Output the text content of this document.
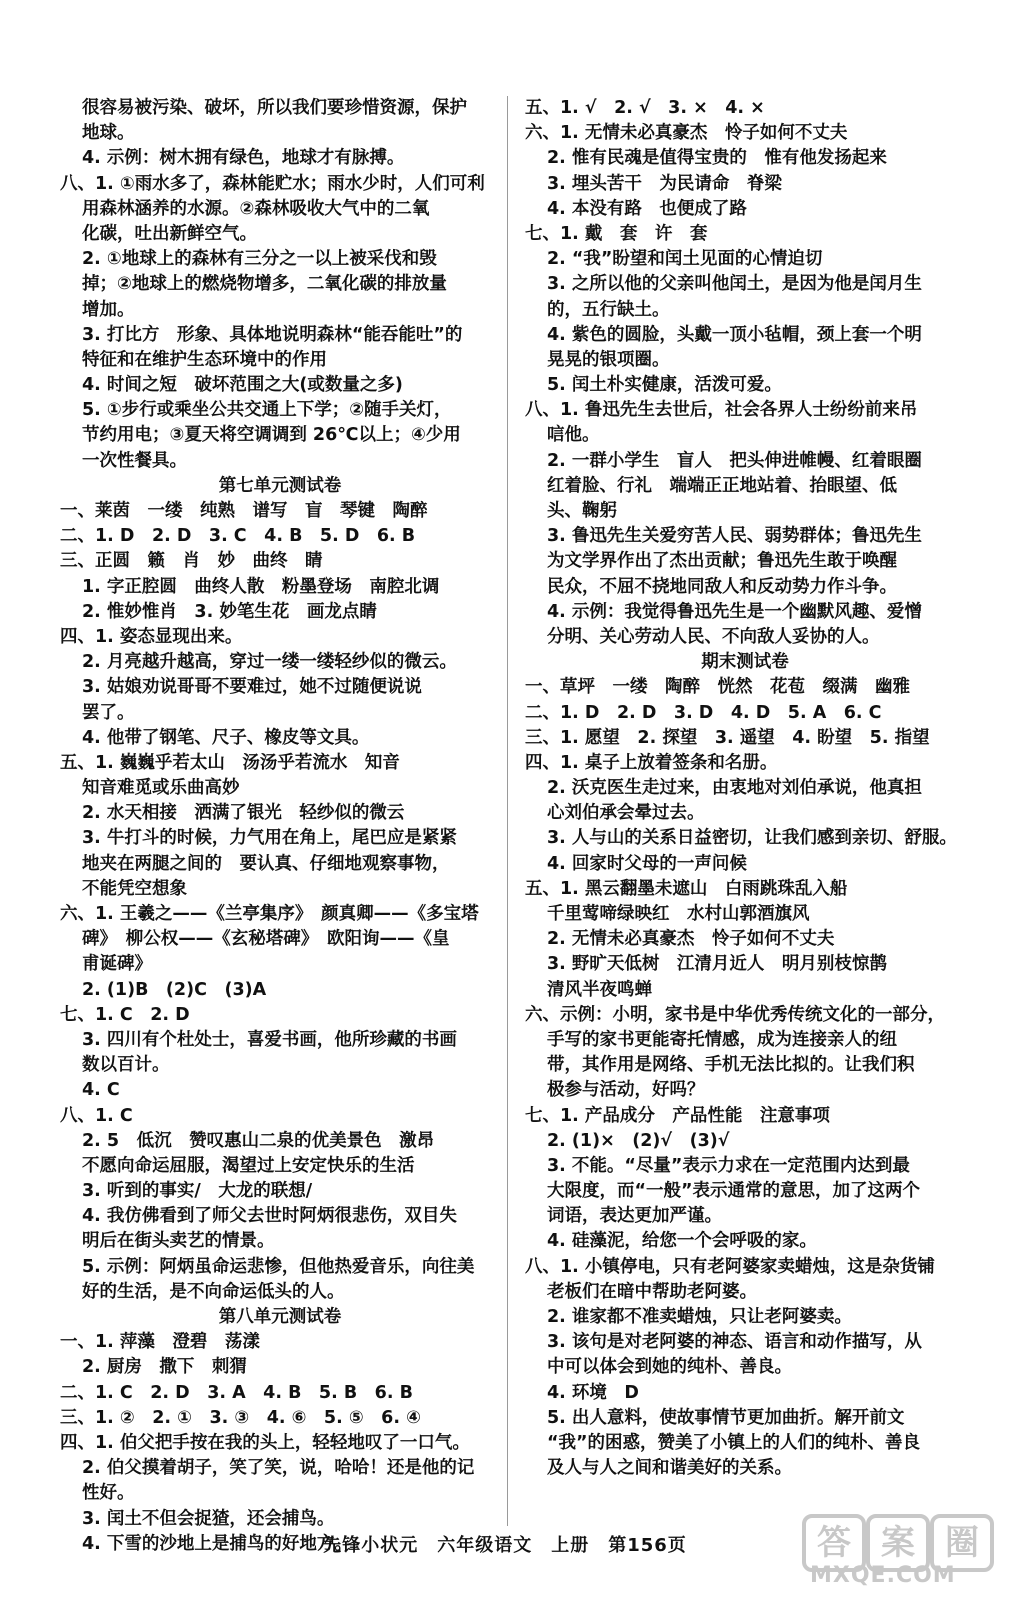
很容易被污染、破坏，所以我们要珍惜资源，保护
地球。
4. 示例：树木拥有绿色，地球才有脉搏。
八、1. ①雨水多了，森林能贮水；雨水少时，人们可利
用森林涵养的水源。②森林吸收大气中的二氧
化碳，吐出新鲜空气。
2. ①地球上的森林有三分之一以上被采伐和毁
掉；②地球上的燃烧物增多，二氧化碳的排放量
增加。
3. 打比方　形象、具体地说明森林“能吞能吐”的
特征和在维护生态环境中的作用
4. 时间之短　破坏范围之大(或数量之多)
5. ①步行或乘坐公共交通上下学；②随手关灯，
节约用电；③夏天将空调调到 26℃以上；④少用
一次性餐具。
第七单元测试卷
一、莱茵　一缕　纯熟　谱写　盲　琴键　陶醉
二、1. D　2. D　3. C　4. B　5. D　6. B
三、正圆　籁　肖　妙　曲终　睛
1. 字正腔圆　曲终人散　粉墨登场　南腔北调
2. 惟妙惟肖　3. 妙笔生花　画龙点睛
四、1. 姿态显现出来。
2. 月亮越升越高，穿过一缕一缕轻纱似的微云。
3. 姑娘劝说哥哥不要难过，她不过随便说说
罢了。
4. 他带了钢笔、尺子、橡皮等文具。
五、1. 巍巍乎若太山　汤汤乎若流水　知音
知音难觅或乐曲高妙
2. 水天相接　洒满了银光　轻纱似的微云
3. 牛打斗的时候，力气用在角上，尾巴应是紧紧
地夹在两腿之间的　要认真、仔细地观察事物，
不能凭空想象
六、1. 王羲之——《兰亭集序》　颜真卿——《多宝塔
碑》　柳公权——《玄秘塔碑》　欧阳询——《皇
甫诞碑》
2. (1)B　(2)C　(3)A
七、1. C　2. D
3. 四川有个杜处士，喜爱书画，他所珍藏的书画
数以百计。
4. C
八、1. C
2. 5　低沉　赞叹惠山二泉的优美景色　激昂
不愿向命运屈服，渴望过上安定快乐的生活
3. 听到的事实/　大龙的联想/
4. 我仿佛看到了师父去世时阿炳很悲伤，双目失
明后在街头卖艺的情景。
5. 示例：阿炳虽命运悲惨，但他热爱音乐，向往美
好的生活，是不向命运低头的人。
第八单元测试卷
一、1. 萍藻　澄碧　荡漾
2. 厨房　撒下　刺猬
二、1. C　2. D　3. A　4. B　5. B　6. B
三、1. ②　2. ①　3. ③　4. ⑥　5. ⑤　6. ④
四、1. 伯父把手按在我的头上，轻轻地叹了一口气。
2. 伯父摸着胡子，笑了笑，说，哈哈！还是他的记
性好。
3. 闰土不但会捉猹，还会捕鸟。
4. 下雪的沙地上是捕鸟的好地方。
五、1. √　2. √　3. ×　4. ×
六、1. 无情未必真豪杰　怜子如何不丈夫
2. 惟有民魂是值得宝贵的　惟有他发扬起来
3. 埋头苦干　为民请命　脊梁
4. 本没有路　也便成了路
七、1. 戴　套　许　套
2. “我”盼望和闰土见面的心情迫切
3. 之所以他的父亲叫他闰土，是因为他是闰月生
的，五行缺土。
4. 紫色的圆脸，头戴一顶小毡帽，颈上套一个明
晃晃的银项圈。
5. 闰土朴实健康，活泼可爱。
八、1. 鲁迅先生去世后，社会各界人士纷纷前来吊
唁他。
2. 一群小学生　盲人　把头伸进帷幔、红着眼圈
红着脸、行礼　端端正正地站着、抬眼望、低
头、鞠躬
3. 鲁迅先生关爱穷苦人民、弱势群体；鲁迅先生
为文学界作出了杰出贡献；鲁迅先生敢于唤醒
民众，不屈不挠地同敌人和反动势力作斗争。
4. 示例：我觉得鲁迅先生是一个幽默风趣、爱憎
分明、关心劳动人民、不向敌人妥协的人。
期末测试卷
一、草坪　一缕　陶醉　恍然　花苞　缀满　幽雅
二、1. D　2. D　3. D　4. D　5. A　6. C
三、1. 愿望　2. 探望　3. 遥望　4. 盼望　5. 指望
四、1. 桌子上放着签条和名册。
2. 沃克医生走过来，由衷地对刘伯承说，他真担
心刘伯承会晕过去。
3. 人与山的关系日益密切，让我们感到亲切、舒服。
4. 回家时父母的一声问候
五、1. 黑云翻墨未遮山　白雨跳珠乱入船
千里莺啼绿映红　水村山郭酒旗风
2. 无情未必真豪杰　怜子如何不丈夫
3. 野旷天低树　江清月近人　明月别枝惊鹊
清风半夜鸣蝉
六、示例：小明，家书是中华优秀传统文化的一部分，
手写的家书更能寄托情感，成为连接亲人的纽
带，其作用是网络、手机无法比拟的。让我们积
极参与活动，好吗？
七、1. 产品成分　产品性能　注意事项
2. (1)×　(2)√　(3)√
3. 不能。“尽量”表示力求在一定范围内达到最
大限度，而“一般”表示通常的意思，加了这两个
词语，表达更加严谨。
4. 硅藻泥，给您一个会呼吸的家。
八、1. 小镇停电，只有老阿婆家卖蜡烛，这是杂货铺
老板们在暗中帮助老阿婆。
2. 谁家都不准卖蜡烛，只让老阿婆卖。
3. 该句是对老阿婆的神态、语言和动作描写，从
中可以体会到她的纯朴、善良。
4. 环境　D
5. 出人意料，使故事情节更加曲折。解开前文
“我”的困惑，赞美了小镇上的人们的纯朴、善良
及人与人之间和谐美好的关系。
先锋小状元　六年级语文　上册　第156页	答 案 圈
MXQE.COM
